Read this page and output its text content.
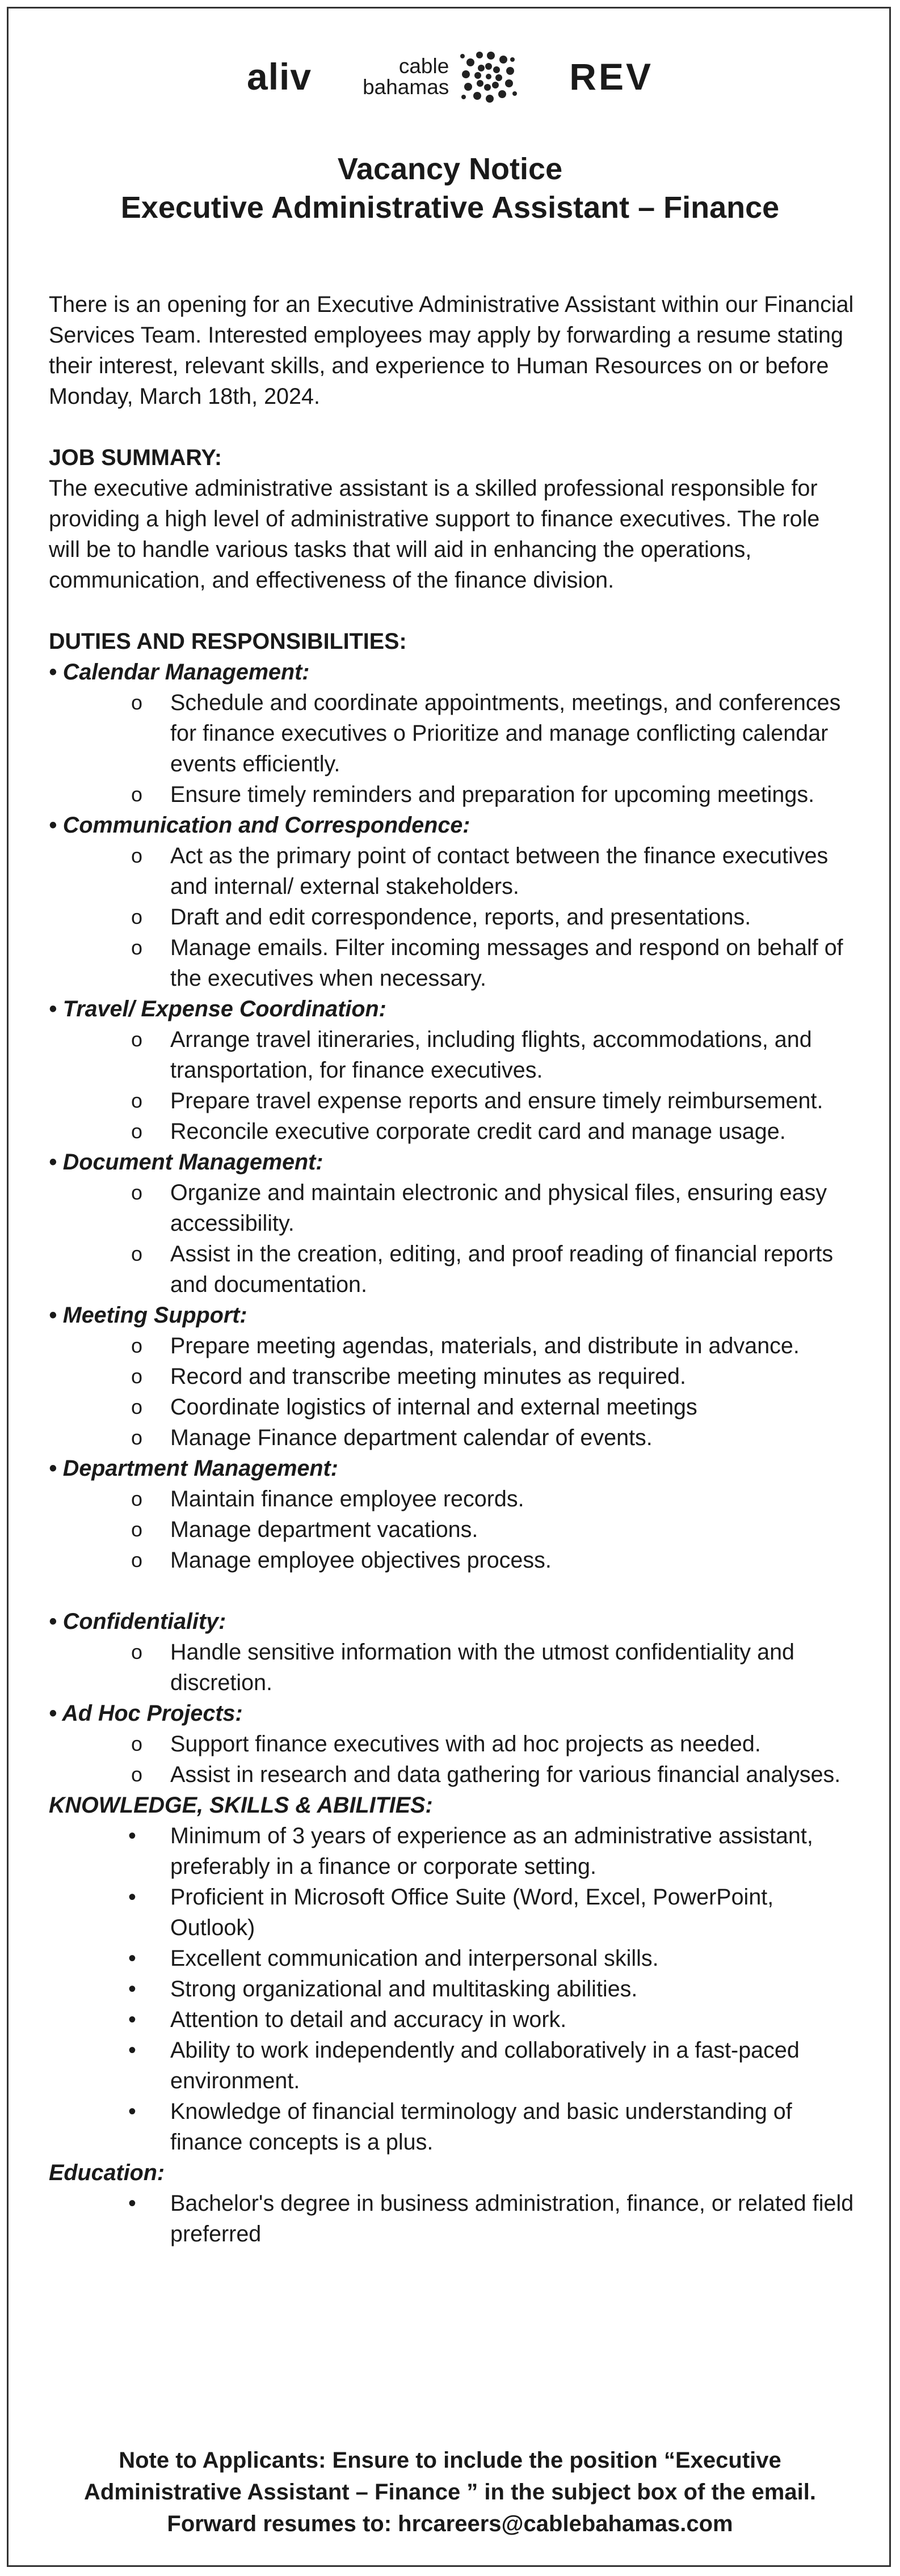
aliv	cable
bahamas	REV
Vacancy Notice
Executive Administrative Assistant – Finance

There is an opening for an Executive Administrative Assistant within our Financial Services Team. Interested employees may apply by forwarding a resume stating their interest, relevant skills, and experience to Human Resources on or before Monday, March 18th, 2024.

JOB SUMMARY:

The executive administrative assistant is a skilled professional responsible for providing a high level of administrative support to finance executives. The role will be to handle various tasks that will aid in enhancing the operations, communication, and effectiveness of the finance division.

DUTIES AND RESPONSIBILITIES:

• Calendar Management:

o Schedule and coordinate appointments, meetings, and conferences for finance executives o Prioritize and manage conflicting calendar events efficiently.

o Ensure timely reminders and preparation for upcoming meetings.

• Communication and Correspondence:

o Act as the primary point of contact between the finance executives and internal/ external stakeholders.

o Draft and edit correspondence, reports, and presentations.

o Manage emails. Filter incoming messages and respond on behalf of the executives when necessary.

• Travel/ Expense Coordination:

o Arrange travel itineraries, including flights, accommodations, and transportation, for finance executives.

o Prepare travel expense reports and ensure timely reimbursement.

o Reconcile executive corporate credit card and manage usage.

• Document Management:

o Organize and maintain electronic and physical files, ensuring easy accessibility.

o Assist in the creation, editing, and proof reading of financial reports and documentation.

• Meeting Support:

o Prepare meeting agendas, materials, and distribute in advance.

o Record and transcribe meeting minutes as required.

o Coordinate logistics of internal and external meetings

o Manage Finance department calendar of events.

• Department Management:

o Maintain finance employee records.

o Manage department vacations.

o Manage employee objectives process.

• Confidentiality:

o Handle sensitive information with the utmost confidentiality and discretion.

• Ad Hoc Projects:

o Support finance executives with ad hoc projects as needed.

o Assist in research and data gathering for various financial analyses.

KNOWLEDGE, SKILLS & ABILITIES:

• Minimum of 3 years of experience as an administrative assistant, preferably in a finance or corporate setting.

• Proficient in Microsoft Office Suite (Word, Excel, PowerPoint, Outlook)

• Excellent communication and interpersonal skills.

• Strong organizational and multitasking abilities.

• Attention to detail and accuracy in work.

• Ability to work independently and collaboratively in a fast-paced environment.

• Knowledge of financial terminology and basic understanding of finance concepts is a plus.

Education:

• Bachelor's degree in business administration, finance, or related field preferred

Note to Applicants: Ensure to include the position “Executive
Administrative Assistant – Finance ” in the subject box of the email.
Forward resumes to: hrcareers@cablebahamas.com
